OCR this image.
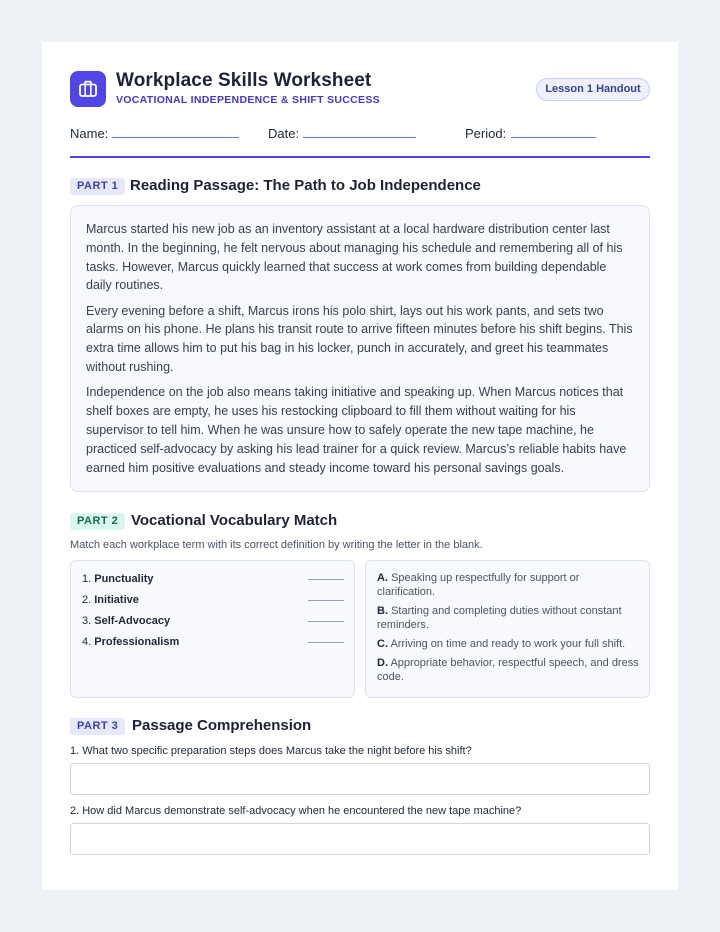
Workplace Skills Worksheet
VOCATIONAL INDEPENDENCE & SHIFT SUCCESS
Lesson 1 Handout
Name:	Date:	Period:
PART 1 Reading Passage: The Path to Job Independence

Marcus started his new job as an inventory assistant at a local hardware distribution center last month. In the beginning, he felt nervous about managing his schedule and remembering all of his tasks. However, Marcus quickly learned that success at work comes from building dependable daily routines.

Every evening before a shift, Marcus irons his polo shirt, lays out his work pants, and sets two alarms on his phone. He plans his transit route to arrive fifteen minutes before his shift begins. This extra time allows him to put his bag in his locker, punch in accurately, and greet his teammates without rushing.

Independence on the job also means taking initiative and speaking up. When Marcus notices that shelf boxes are empty, he uses his restocking clipboard to fill them without waiting for his supervisor to tell him. When he was unsure how to safely operate the new tape machine, he practiced self-advocacy by asking his lead trainer for a quick review. Marcus’s reliable habits have earned him positive evaluations and steady income toward his personal savings goals.

PART 2 Vocational Vocabulary Match
Match each workplace term with its correct definition by writing the letter in the blank.
1. Punctuality
2. Initiative
3. Self-Advocacy
4. Professionalism
A. Speaking up respectfully for support or clarification.
B. Starting and completing duties without constant reminders.
C. Arriving on time and ready to work your full shift.
D. Appropriate behavior, respectful speech, and dress code.
PART 3 Passage Comprehension
1. What two specific preparation steps does Marcus take the night before his shift?
2. How did Marcus demonstrate self-advocacy when he encountered the new tape machine?
